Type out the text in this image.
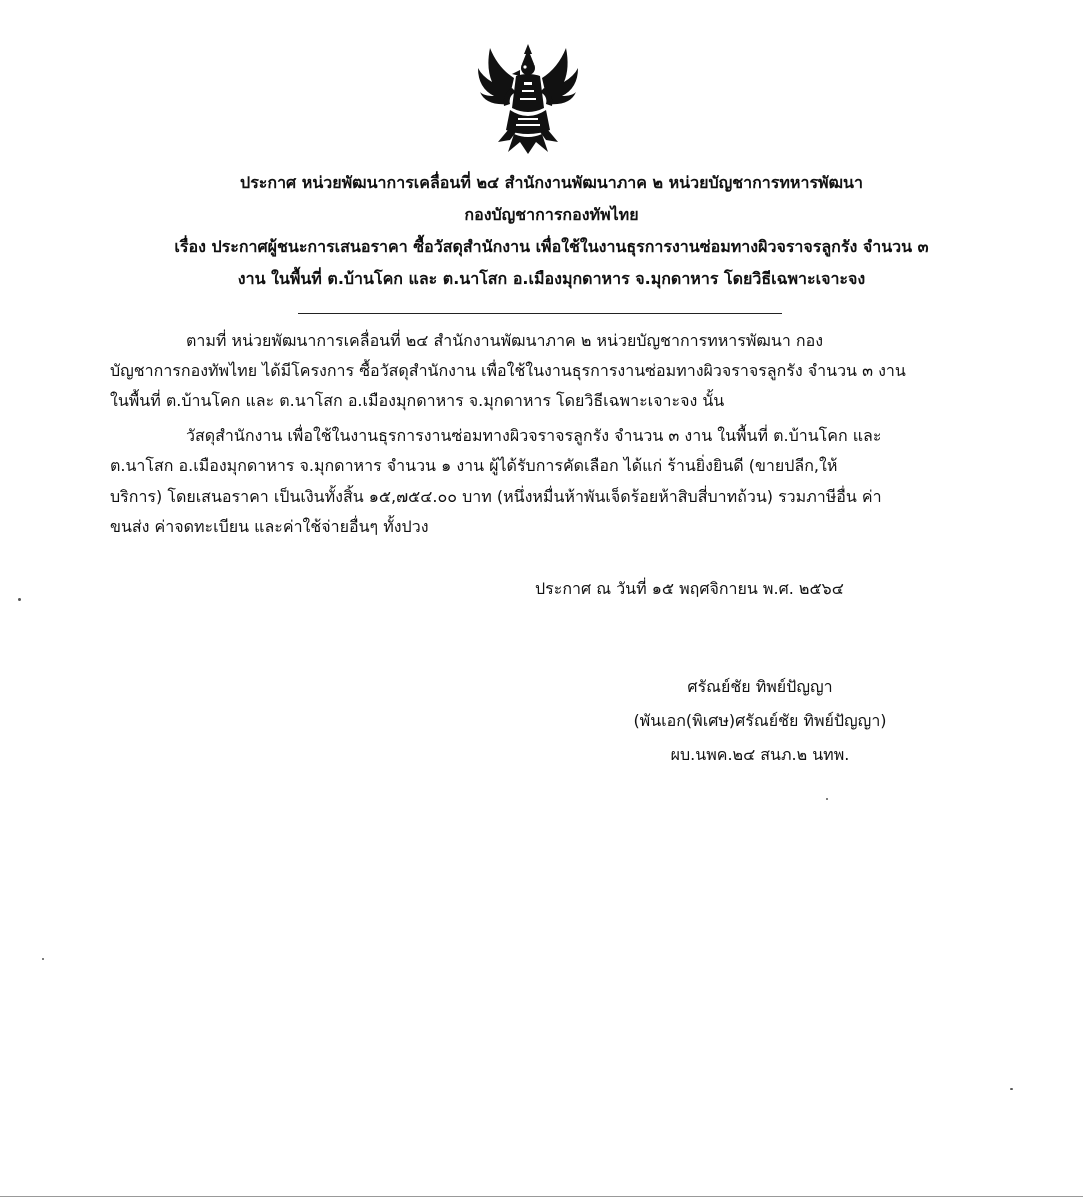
ประกาศ หน่วยพัฒนาการเคลื่อนที่ ๒๔ สำนักงานพัฒนาภาค ๒ หน่วยบัญชาการทหารพัฒนา
กองบัญชาการกองทัพไทย
เรื่อง ประกาศผู้ชนะการเสนอราคา ซื้อวัสดุสำนักงาน เพื่อใช้ในงานธุรการงานซ่อมทางผิวจราจรลูกรัง จำนวน ๓
งาน ในพื้นที่ ต.บ้านโคก และ ต.นาโสก อ.เมืองมุกดาหาร จ.มุกดาหาร โดยวิธีเฉพาะเจาะจง
ตามที่ หน่วยพัฒนาการเคลื่อนที่ ๒๔ สำนักงานพัฒนาภาค ๒ หน่วยบัญชาการทหารพัฒนา กอง
บัญชาการกองทัพไทย ได้มีโครงการ ซื้อวัสดุสำนักงาน เพื่อใช้ในงานธุรการงานซ่อมทางผิวจราจรลูกรัง จำนวน ๓ งาน
ในพื้นที่ ต.บ้านโคก และ ต.นาโสก อ.เมืองมุกดาหาร จ.มุกดาหาร โดยวิธีเฉพาะเจาะจง นั้น
วัสดุสำนักงาน เพื่อใช้ในงานธุรการงานซ่อมทางผิวจราจรลูกรัง จำนวน ๓ งาน ในพื้นที่ ต.บ้านโคก และ
ต.นาโสก อ.เมืองมุกดาหาร จ.มุกดาหาร จำนวน ๑ งาน ผู้ได้รับการคัดเลือก ได้แก่ ร้านยิ่งยินดี (ขายปลีก,ให้
บริการ) โดยเสนอราคา เป็นเงินทั้งสิ้น ๑๕,๗๕๔.๐๐ บาท (หนึ่งหมื่นห้าพันเจ็ดร้อยห้าสิบสี่บาทถ้วน) รวมภาษีอื่น ค่า
ขนส่ง ค่าจดทะเบียน และค่าใช้จ่ายอื่นๆ ทั้งปวง
ประกาศ ณ วันที่ ๑๕ พฤศจิกายน พ.ศ. ๒๕๖๔
ศรัณย์ชัย ทิพย์ปัญญา
(พันเอก(พิเศษ)ศรัณย์ชัย ทิพย์ปัญญา)
ผบ.นพค.๒๔ สนภ.๒ นทพ.
